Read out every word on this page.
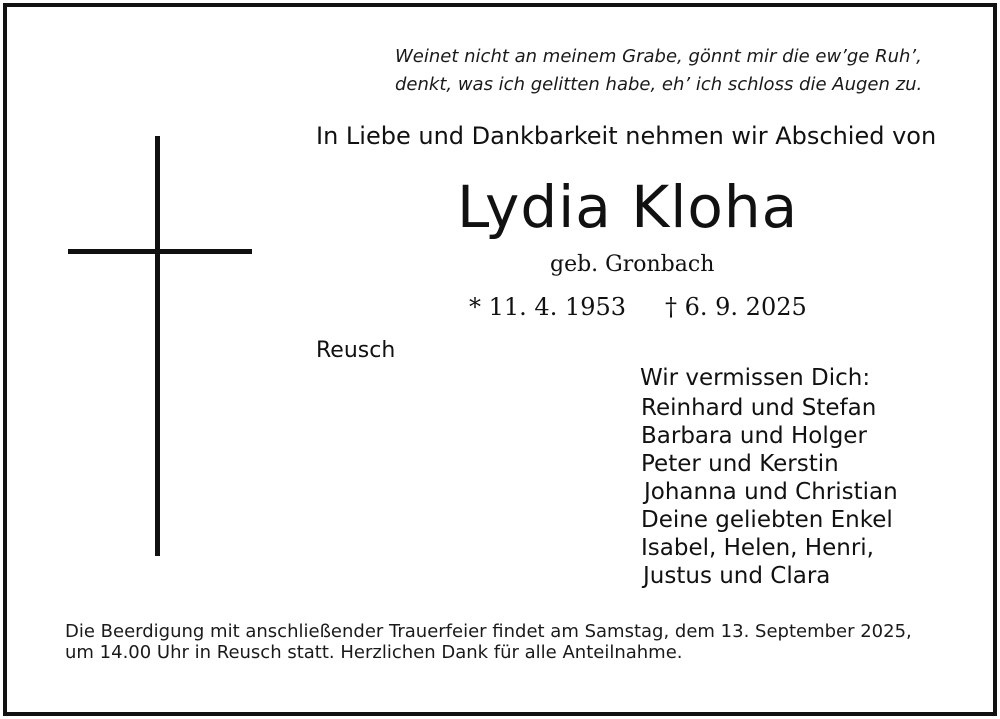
Weinet nicht an meinem Grabe, gönnt mir die ew’ge Ruh’,
denkt, was ich gelitten habe, eh’ ich schloss die Augen zu.
In Liebe und Dankbarkeit nehmen wir Abschied von
Lydia Kloha
geb. Gronbach
* 11. 4. 1953 † 6. 9. 2025
Reusch
Wir vermissen Dich:
Reinhard und Stefan
Barbara und Holger
Peter und Kerstin
Johanna und Christian
Deine geliebten Enkel
Isabel, Helen, Henri,
Justus und Clara
Die Beerdigung mit anschließender Trauerfeier findet am Samstag, dem 13. September 2025,
um 14.00 Uhr in Reusch statt. Herzlichen Dank für alle Anteilnahme.
